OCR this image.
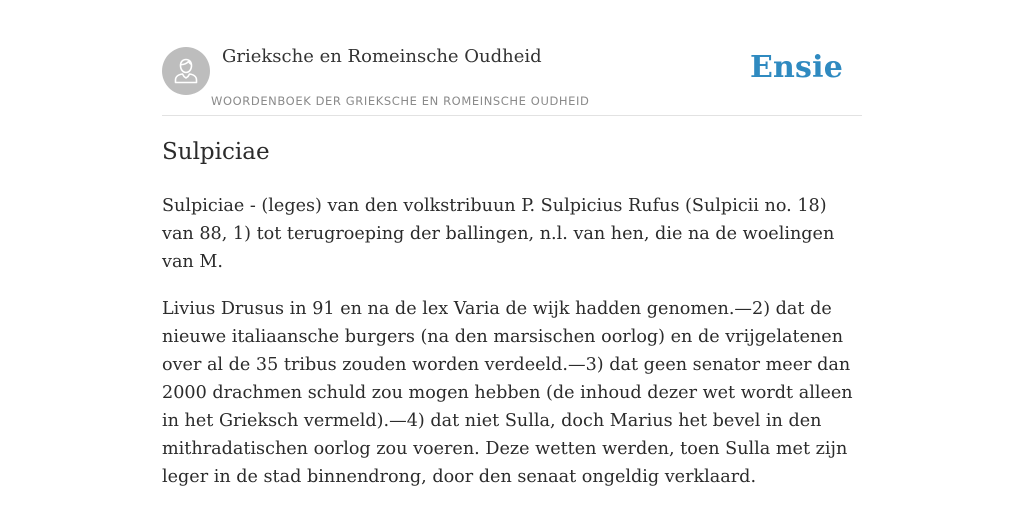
Grieksche en Romeinsche Oudheid
WOORDENBOEK DER GRIEKSCHE EN ROMEINSCHE OUDHEID
Ensie
Sulpiciae

Sulpiciae - (leges) van den volkstribuun P. Sulpicius Rufus (Sulpicii no. 18) van 88, 1) tot terugroeping der ballingen, n.l. van hen, die na de woelingen van M.

Livius Drusus in 91 en na de lex Varia de wijk hadden genomen.—2) dat de nieuwe italiaansche burgers (na den marsischen oorlog) en de vrijgelatenen over al de 35 tribus zouden worden verdeeld.—3) dat geen senator meer dan 2000 drachmen schuld zou mogen hebben (de inhoud dezer wet wordt alleen in het Grieksch vermeld).—4) dat niet Sulla, doch Marius het bevel in den mithradatischen oorlog zou voeren. Deze wetten werden, toen Sulla met zijn leger in de stad binnendrong, door den senaat ongeldig verklaard.
